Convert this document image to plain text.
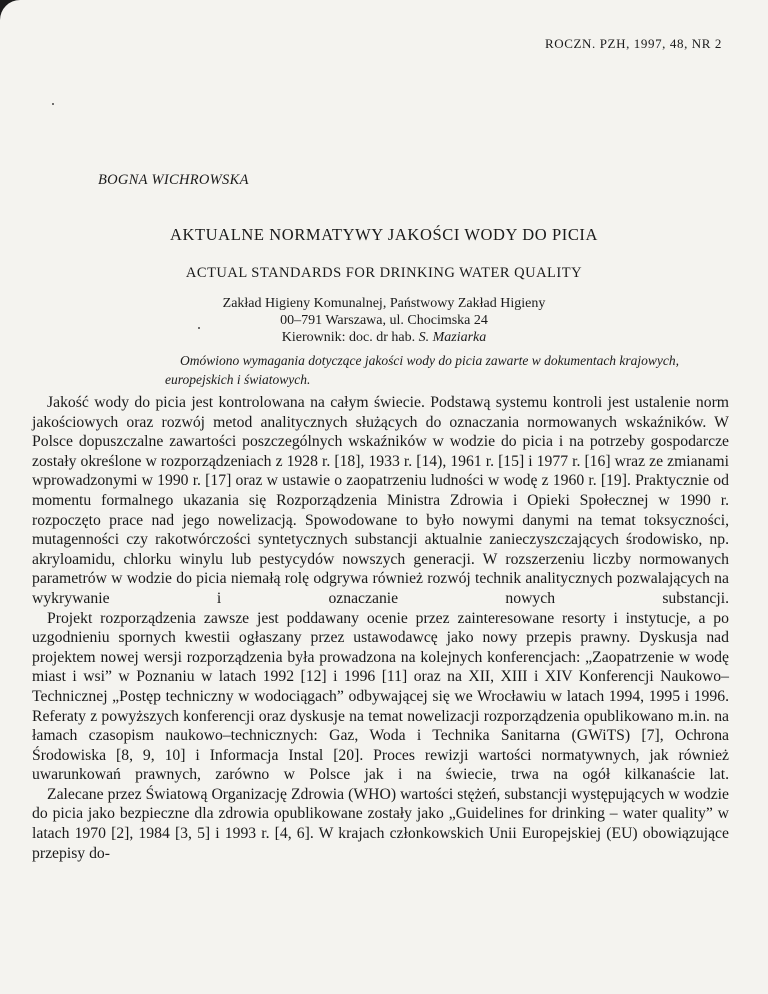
ROCZN. PZH, 1997, 48, NR 2
BOGNA WICHROWSKA
AKTUALNE NORMATYWY JAKOŚCI WODY DO PICIA
ACTUAL STANDARDS FOR DRINKING WATER QUALITY
Zakład Higieny Komunalnej, Państwowy Zakład Higieny
00–791 Warszawa, ul. Chocimska 24
Kierownik: doc. dr hab. S. Maziarka
Omówiono wymagania dotyczące jakości wody do picia zawarte w dokumentach krajowych, europejskich i światowych.

Jakość wody do picia jest kontrolowana na całym świecie. Podstawą systemu kontroli jest ustalenie norm jakościowych oraz rozwój metod analitycznych służących do oznaczania normowanych wskaźników. W Polsce dopuszczalne zawartości poszczególnych wskaźników w wodzie do picia i na potrzeby gospodarcze zostały określone w rozporządzeniach z 1928 r. [18], 1933 r. [14), 1961 r. [15] i 1977 r. [16] wraz ze zmianami wprowadzonymi w 1990 r. [17] oraz w ustawie o zaopatrzeniu ludności w wodę z 1960 r. [19]. Praktycznie od momentu formalnego ukazania się Rozporządzenia Ministra Zdrowia i Opieki Społecznej w 1990 r. rozpoczęto prace nad jego nowelizacją. Spowodowane to było nowymi danymi na temat toksyczności, mutagenności czy rakotwórczości syntetycznych substancji aktualnie zanieczyszczających środowisko, np. akryloamidu, chlorku winylu lub pestycydów nowszych generacji. W rozszerzeniu liczby normowanych parametrów w wodzie do picia niemałą rolę odgrywa również rozwój technik analitycznych pozwalających na wykrywanie i oznaczanie nowych substancji.

Projekt rozporządzenia zawsze jest poddawany ocenie przez zainteresowane resorty i instytucje, a po uzgodnieniu spornych kwestii ogłaszany przez ustawodawcę jako nowy przepis prawny. Dyskusja nad projektem nowej wersji rozporządzenia była prowadzona na kolejnych konferencjach: „Zaopatrzenie w wodę miast i wsi” w Poznaniu w latach 1992 [12] i 1996 [11] oraz na XII, XIII i XIV Konferencji Naukowo–Technicznej „Postęp techniczny w wodociągach” odbywającej się we Wrocławiu w latach 1994, 1995 i 1996. Referaty z powyższych konferencji oraz dyskusje na temat nowelizacji rozporządzenia opublikowano m.in. na łamach czasopism naukowo–technicznych: Gaz, Woda i Technika Sanitarna (GWiTS) [7], Ochrona Środowiska [8, 9, 10] i Informacja Instal [20]. Proces rewizji wartości normatywnych, jak również uwarunkowań prawnych, zarówno w Polsce jak i na świecie, trwa na ogół kilkanaście lat.

Zalecane przez Światową Organizację Zdrowia (WHO) wartości stężeń, substancji występujących w wodzie do picia jako bezpieczne dla zdrowia opublikowane zostały jako „Guidelines for drinking – water quality” w latach 1970 [2], 1984 [3, 5] i 1993 r. [4, 6]. W krajach członkowskich Unii Europejskiej (EU) obowiązujące przepisy do-
